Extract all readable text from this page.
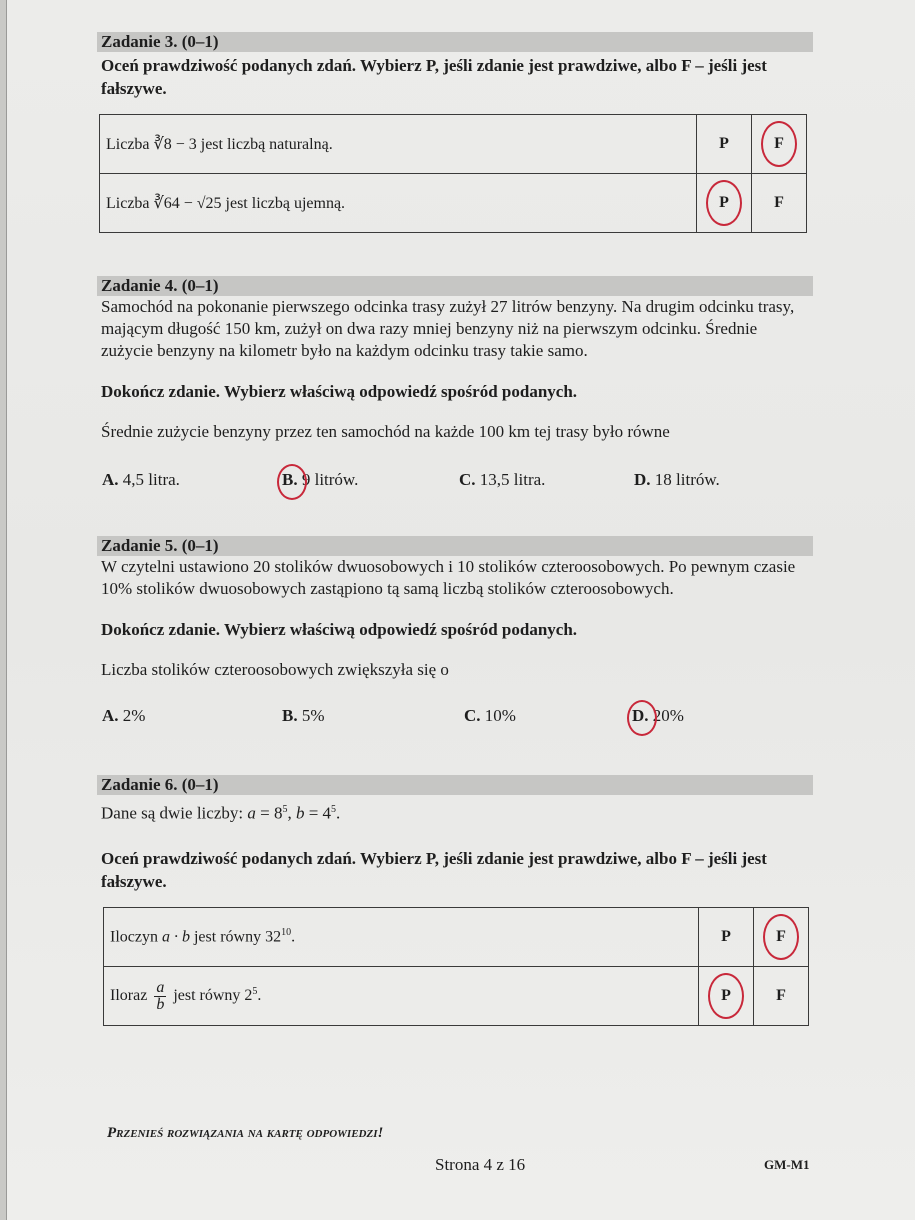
Zadanie 3. (0–1)
Oceń prawdziwość podanych zdań. Wybierz P, jeśli zdanie jest prawdziwe, albo F – jeśli jest fałszywe.
Liczba ∛8 − 3 jest liczbą naturalną.	P	F
Liczba ∛64 − √25 jest liczbą ujemną.	P	F
Zadanie 4. (0–1)
Samochód na pokonanie pierwszego odcinka trasy zużył 27 litrów benzyny. Na drugim odcinku trasy, mającym długość 150 km, zużył on dwa razy mniej benzyny niż na pierwszym odcinku. Średnie zużycie benzyny na kilometr było na każdym odcinku trasy takie samo.
Dokończ zdanie. Wybierz właściwą odpowiedź spośród podanych.
Średnie zużycie benzyny przez ten samochód na każde 100 km tej trasy było równe
A. 4,5 litra.	B. 9 litrów.	C. 13,5 litra.	D. 18 litrów.
Zadanie 5. (0–1)
W czytelni ustawiono 20 stolików dwuosobowych i 10 stolików czteroosobowych. Po pewnym czasie 10% stolików dwuosobowych zastąpiono tą samą liczbą stolików czteroosobowych.
Dokończ zdanie. Wybierz właściwą odpowiedź spośród podanych.
Liczba stolików czteroosobowych zwiększyła się o
A. 2%	B. 5%	C. 10%	D. 20%
Zadanie 6. (0–1)
Dane są dwie liczby: $a = 8^5$, $b = 4^5$.
Oceń prawdziwość podanych zdań. Wybierz P, jeśli zdanie jest prawdziwe, albo F – jeśli jest fałszywe.
Iloczyn a · b jest równy $32^{10}$.	P	F
Iloraz $\frac{a}{b}$ jest równy $2^5$.	P	F
Przenieś rozwiązania na kartę odpowiedzi!
Strona 4 z 16	GM-M1
